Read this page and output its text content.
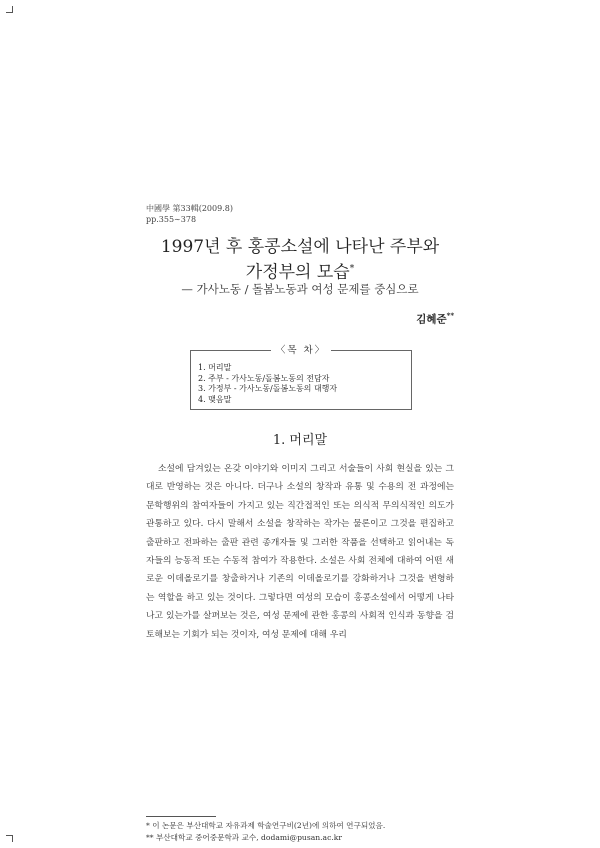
中國學 第33輯(2009.8)
pp.355∼378
1997년 후 홍콩소설에 나타난 주부와
가정부의 모습*
— 가사노동 / 돌봄노동과 여성 문제를 중심으로
김혜준**
〈목 차〉
1. 머리말
2. 주부 - 가사노동/돌봄노동의 전담자
3. 가정부 - 가사노동/돌봄노동의 대행자
4. 맺음말
1. 머리말

소설에 담겨있는 온갖 이야기와 이미지 그리고 서술들이 사회 현실을 있는 그대로 반영하는 것은 아니다. 더구나 소설의 창작과 유통 및 수용의 전 과정에는 문학행위의 참여자들이 가지고 있는 직간접적인 또는 의식적 무의식적인 의도가 관통하고 있다. 다시 말해서 소설을 창작하는 작가는 물론이고 그것을 편집하고 출판하고 전파하는 출판 관련 종개자들 및 그러한 작품을 선택하고 읽어내는 독자들의 능동적 또는 수동적 참여가 작용한다. 소설은 사회 전체에 대하여 어떤 새로운 이데올로기를 창출하거나 기존의 이데올로기를 강화하거나 그것을 변형하는 역할을 하고 있는 것이다. 그렇다면 여성의 모습이 홍콩소설에서 어떻게 나타나고 있는가를 살펴보는 것은, 여성 문제에 관한 홍콩의 사회적 인식과 동향을 검토해보는 기회가 되는 것이자, 여성 문제에 대해 우리

* 이 논문은 부산대학교 자유과제 학술연구비(2년)에 의하여 연구되었음.
** 부산대학교 중어중문학과 교수, dodami@pusan.ac.kr
